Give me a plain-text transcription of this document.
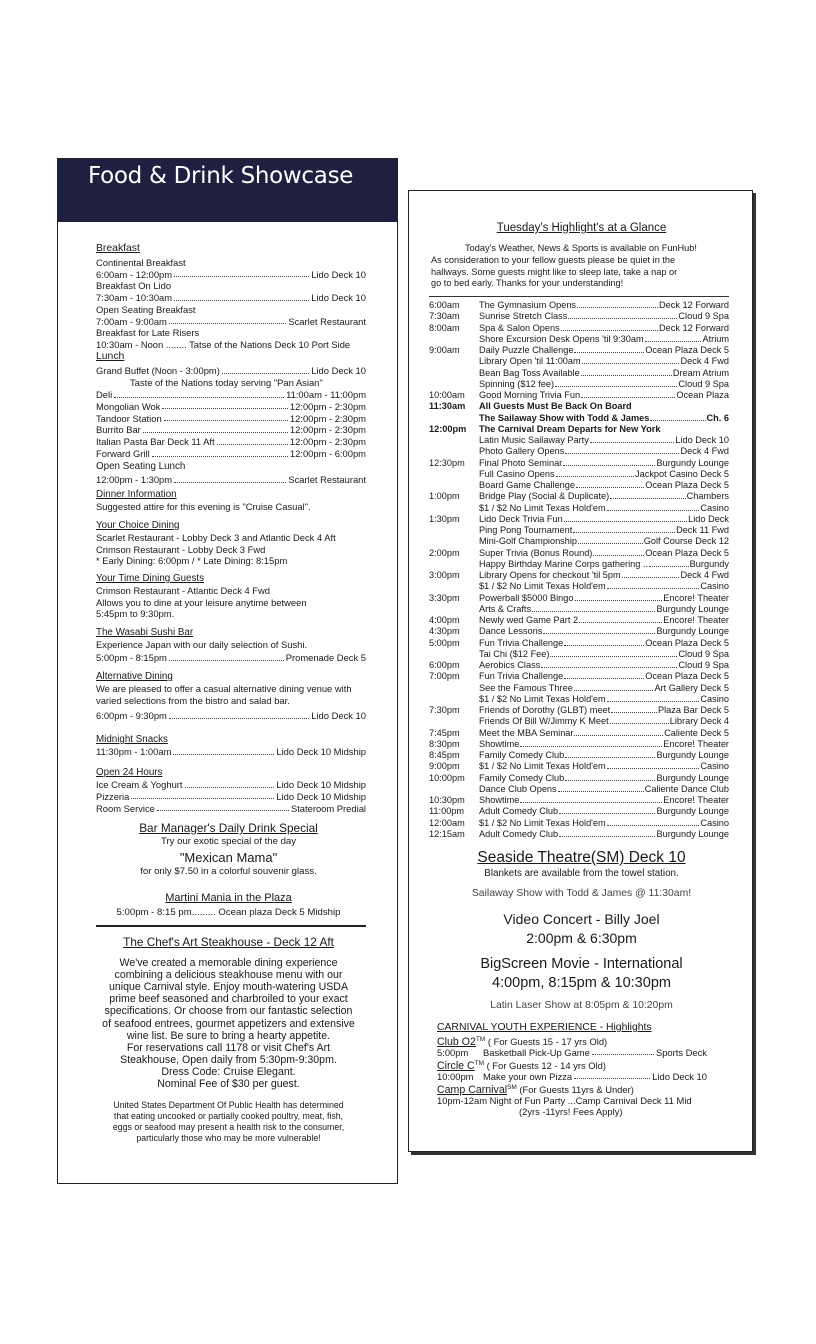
Food & Drink Showcase
Breakfast
Continental Breakfast
6:00am - 12:00pm	Lido Deck 10
Breakfast On Lido
7:30am - 10:30am	Lido Deck 10
Open Seating Breakfast
7:00am - 9:00am	Scarlet Restaurant
Breakfast for Late Risers
10:30am - Noon ........ Tatse of the Nations Deck 10 Port Side
Lunch
Grand Buffet (Noon - 3:00pm)	Lido Deck 10
Taste of the Nations today serving "Pan Asian"
Deli	11:00am - 11:00pm
Mongolian Wok	12:00pm - 2:30pm
Tandoor Station	12:00pm - 2:30pm
Burrito Bar	12:00pm - 2:30pm
Italian Pasta Bar Deck 11 Aft	12:00pm - 2:30pm
Forward Grill	12:00pm - 6:00pm
Open Seating Lunch
12:00pm - 1:30pm	Scarlet Restaurant
Dinner Information
Suggested attire for this evening is "Cruise Casual".
Your Choice Dining
Scarlet Restaurant - Lobby Deck 3 and Atlantic Deck 4 Aft
Crimson Restaurant - Lobby Deck 3 Fwd
* Early Dining: 6:00pm / * Late Dining: 8:15pm
Your Time Dining Guests
Crimson Restaurant - Atlantic Deck 4 Fwd
Allows you to dine at your leisure anytime between
5:45pm to 9:30pm.
The Wasabi Sushi Bar
Experience Japan with our daily selection of Sushi.
5:00pm - 8:15pm	Promenade Deck 5
Alternative Dining
We are pleased to offer a casual alternative dining venue with
varied selections from the bistro and salad bar.
6:00pm - 9:30pm	Lido Deck 10
Midnight Snacks
11:30pm - 1:00am	Lido Deck 10 Midship
Open 24 Hours
Ice Cream & Yoghurt	Lido Deck 10 Midship
Pizzeria	Lido Deck 10 Midship
Room Service	Stateroom Predial
Bar Manager's Daily Drink Special
Try our exotic special of the day
"Mexican Mama"
for only $7.50 in a colorful souvenir glass.
Martini Mania in the Plaza
5:00pm - 8:15 pm......... Ocean plaza Deck 5 Midship
The Chef's Art Steakhouse - Deck 12 Aft
We've created a memorable dining experience
combining a delicious steakhouse menu with our
unique Carnival style. Enjoy mouth-watering USDA
prime beef seasoned and charbroiled to your exact
specifications. Or choose from our fantastic selection
of seafood entrees, gourmet appetizers and extensive
wine list. Be sure to bring a hearty appetite.
For reservations call 1178 or visit Chef's Art
Steakhouse, Open daily from 5:30pm-9:30pm.
Dress Code: Cruise Elegant.
Nominal Fee of $30 per guest.
United States Department Of Public Health has determined
that eating uncooked or partially cooked poultry, meat, fish,
eggs or seafood may present a health risk to the consumer,
particularly those who may be more vulnerable!
Tuesday's Highlight's at a Glance
Today's Weather, News & Sports is available on FunHub!
As consideration to your fellow guests please be quiet in the
hallways. Some guests might like to sleep late, take a nap or
go to bed early. Thanks for your understanding!
6:00am	The Gymnasium Opens	Deck 12 Forward
7:30am	Sunrise Stretch Class	Cloud 9 Spa
8:00am	Spa & Salon Opens	Deck 12 Forward
Shore Excursion Desk Opens 'til 9:30am	Atrium
9:00am	Daily Puzzle Challenge	Ocean Plaza Deck 5
Library Open 'til 11:00am	Deck 4 Fwd
Bean Bag Toss Available	Dream Atrium
Spinning ($12 fee)	Cloud 9 Spa
10:00am	Good Morning Trivia Fun	Ocean Plaza
11:30am	All Guests Must Be Back On Board
The Sailaway Show with Todd & James	Ch. 6
12:00pm	The Carnival Dream Departs for New York
Latin Music Sailaway Party	Lido Deck 10
Photo Gallery Opens	Deck 4 Fwd
12:30pm	Final Photo Seminar	Burgundy Lounge
Full Casino Opens	Jackpot Casino Deck 5
Board Game Challenge	Ocean Plaza Deck 5
1:00pm	Bridge Play (Social & Duplicate)	Chambers
$1 / $2 No Limit Texas Hold'em	Casino
1:30pm	Lido Deck Trivia Fun	Lido Deck
Ping Pong Tournament	Deck 11 Fwd
Mini-Golf Championship	Golf Course Deck 12
2:00pm	Super Trivia (Bonus Round)	Ocean Plaza Deck 5
Happy Birthday Marine Corps gathering ..	Burgundy
3:00pm	Library Opens for checkout 'til 5pm	Deck 4 Fwd
$1 / $2 No Limit Texas Hold'em	Casino
3:30pm	Powerball $5000 Bingo	Encore! Theater
Arts & Crafts	Burgundy Lounge
4:00pm	Newly wed Game Part 2	Encore! Theater
4:30pm	Dance Lessons	Burgundy Lounge
5:00pm	Fun Trivia Challenge	Ocean Plaza Deck 5
Tai Chi ($12 Fee)	Cloud 9 Spa
6:00pm	Aerobics Class	Cloud 9 Spa
7:00pm	Fun Trivia Challenge	Ocean Plaza Deck 5
See the Famous Three	Art Gallery Deck 5
$1 / $2 No Limit Texas Hold'em	Casino
7:30pm	Friends of Dorothy (GLBT) meet	Plaza Bar Deck 5
Friends Of Bill W/Jimmy K Meet	Library Deck 4
7:45pm	Meet the MBA Seminar	Caliente Deck 5
8:30pm	Showtime	Encore! Theater
8:45pm	Family Comedy Club	Burgundy Lounge
9:00pm	$1 / $2 No Limit Texas Hold'em	Casino
10:00pm	Family Comedy Club	Burgundy Lounge
Dance Club Opens	Caliente Dance Club
10:30pm	Showtime	Encore! Theater
11:00pm	Adult Comedy Club	Burgundy Lounge
12:00am	$1 / $2 No Limit Texas Hold'em	Casino
12:15am	Adult Comedy Club	Burgundy Lounge
Seaside Theatre(SM) Deck 10
Blankets are available from the towel station.
Sailaway Show with Todd & James @ 11:30am!
Video Concert - Billy Joel
2:00pm & 6:30pm
BigScreen Movie - International
4:00pm, 8:15pm & 10:30pm
Latin Laser Show at 8:05pm & 10:20pm
CARNIVAL YOUTH EXPERIENCE - Highlights
Club O2™ ( For Guests 15 - 17 yrs Old)
5:00pm	Basketball Pick-Up Game	Sports Deck
Circle C™ ( For Guests 12 - 14 yrs Old)
10:00pm	Make your own Pizza	Lido Deck 10
Camp Carnival℠ (For Guests 11yrs & Under)
10pm-12am Night of Fun Party ...Camp Carnival Deck 11 Mid
(2yrs -11yrs! Fees Apply)
